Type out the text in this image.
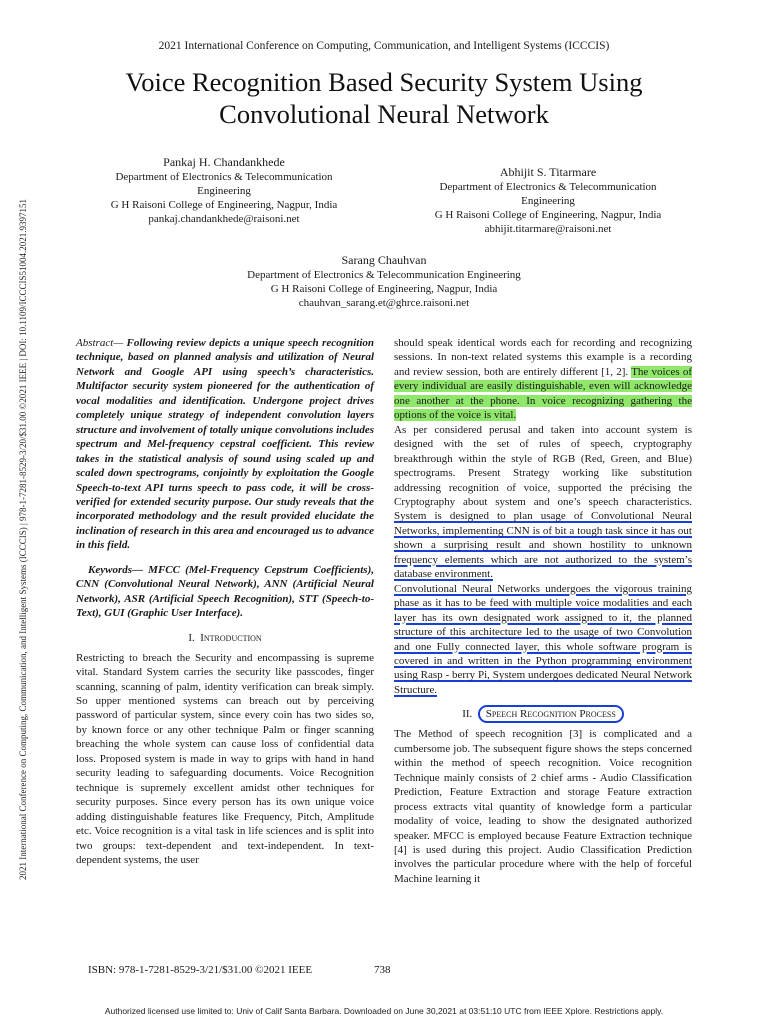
2021 International Conference on Computing, Communication, and Intelligent Systems (ICCCIS)
2021 International Conference on Computing, Communication, and Intelligent Systems (ICCCIS) | 978-1-7281-8529-3/20/$31.00 ©2021 IEEE | DOI: 10.1109/ICCCIS51004.2021.9397151
Voice Recognition Based Security System Using
Convolutional Neural Network
Pankaj H. Chandankhede
Department of Electronics & Telecommunication Engineering
G H Raisoni College of Engineering, Nagpur, India
pankaj.chandankhede@raisoni.net
Abhijit S. Titarmare
Department of Electronics & Telecommunication Engineering
G H Raisoni College of Engineering, Nagpur, India
abhijit.titarmare@raisoni.net
Sarang Chauhvan
Department of Electronics & Telecommunication Engineering
G H Raisoni College of Engineering, Nagpur, India
chauhvan_sarang.et@ghrce.raisoni.net

Abstract— Following review depicts a unique speech recognition technique, based on planned analysis and utilization of Neural Network and Google API using speech’s characteristics. Multifactor security system pioneered for the authentication of vocal modalities and identification. Undergone project drives completely unique strategy of independent convolution layers structure and involvement of totally unique convolutions includes spectrum and Mel-frequency cepstral coefficient. This review takes in the statistical analysis of sound using scaled up and scaled down spectrograms, conjointly by exploitation the Google Speech-to-text API turns speech to pass code, it will be cross-verified for extended security purpose. Our study reveals that the incorporated methodology and the result provided elucidate the inclination of research in this area and encouraged us to advance in this field.

Keywords— MFCC (Mel-Frequency Cepstrum Coefficients), CNN (Convolutional Neural Network), ANN (Artificial Neural Network), ASR (Artificial Speech Recognition), STT (Speech-to-Text), GUI (Graphic User Interface).

I. Introduction

Restricting to breach the Security and encompassing is supreme vital. Standard System carries the security like passcodes, finger scanning, scanning of palm, identity verification can break simply. So upper mentioned systems can breach out by perceiving password of particular system, since every coin has two sides so, by known force or any other technique Palm or finger scanning breaching the whole system can cause loss of confidential data loss. Proposed system is made in way to grips with hand in hand security leading to safeguarding documents. Voice Recognition technique is supremely excellent amidst other techniques for security purposes. Since every person has its own unique voice adding distinguishable features like Frequency, Pitch, Amplitude etc. Voice recognition is a vital task in life sciences and is split into two groups: text-dependent and text-independent. In text-dependent systems, the user

should speak identical words each for recording and recognizing sessions. In non-text related systems this example is a recording and review session, both are entirely different [1, 2]. The voices of every individual are easily distinguishable, even will acknowledge one another at the phone. In voice recognizing gathering the options of the voice is vital.

As per considered perusal and taken into account system is designed with the set of rules of speech, cryptography breakthrough within the style of RGB (Red, Green, and Blue) spectrograms. Present Strategy working like substitution addressing recognition of voice, supported the précising the Cryptography about system and one’s speech characteristics. System is designed to plan usage of Convolutional Neural Networks, implementing CNN is of bit a tough task since it has out shown a surprising result and shown hostility to unknown frequency elements which are not authorized to the system’s database environment.

Convolutional Neural Networks undergoes the vigorous training phase as it has to be feed with multiple voice modalities and each layer has its own designated work assigned to it, the planned structure of this architecture led to the usage of two Convolution and one Fully connected layer, this whole software program is covered in and written in the Python programming environment using Rasp - berry Pi, System undergoes dedicated Neural Network Structure.

II. Speech Recognition Process

The Method of speech recognition [3] is complicated and a cumbersome job. The subsequent figure shows the steps concerned within the method of speech recognition. Voice recognition Technique mainly consists of 2 chief arms - Audio Classification Prediction, Feature Extraction and storage Feature extraction process extracts vital quantity of knowledge form a particular modality of voice, leading to show the designated authorized speaker. MFCC is employed because Feature Extraction technique [4] is used during this project. Audio Classification Prediction involves the particular procedure where with the help of forceful Machine learning it

ISBN: 978-1-7281-8529-3/21/$31.00 ©2021 IEEE	738
Authorized licensed use limited to: Univ of Calif Santa Barbara. Downloaded on June 30,2021 at 03:51:10 UTC from IEEE Xplore. Restrictions apply.
